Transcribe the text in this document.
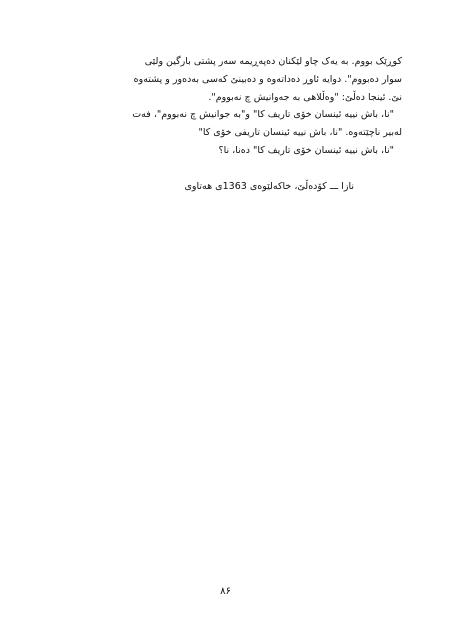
کوڕێک بووم. بە یەک چاو لێکنان دەپەڕیمە سەر پشتی بارگین ولێی
سوار دەبووم". دوایە ئاوڕ دەداتەوە و دەبینێ کەسی بەدەور و پشتەوە
نێ. ئینجا دەڵێ: "وەڵلاهی بە جەوانیش چ نەبووم".
"نا، باش نییە ئینسان خۆی تاریف کا" و"بە جوانیش چ نەبووم"، فەت
لەبیر ناچێتەوە. "نا، باش نییە ئینسان تاریفی خۆی کا"
"نا، باش نییە ئینسان خۆی تاریف کا" دەنا، نا؟

نازا ـــ کۆدەڵێ، خاکەلێوەی 1363ی هەتاوی

٨۶
